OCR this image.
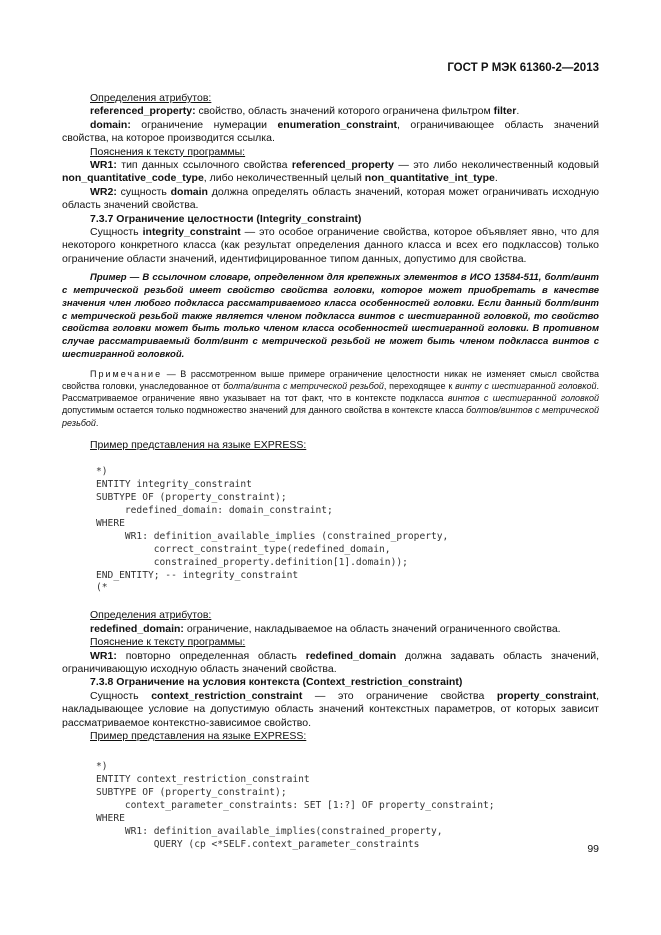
ГОСТ Р МЭК 61360-2—2013

Определения атрибутов:

referenced_property: свойство, область значений которого ограничена фильтром filter.

domain: ограничение нумерации enumeration_constraint, ограничивающее область значений свойства, на которое производится ссылка.

Пояснения к тексту программы:

WR1: тип данных ссылочного свойства referenced_property — это либо неколичественный кодовый non_quantitative_code_type, либо неколичественный целый non_quantitative_int_type.

WR2: сущность domain должна определять область значений, которая может ограничивать исходную область значений свойства.

7.3.7 Ограничение целостности (Integrity_constraint)

Сущность integrity_constraint — это особое ограничение свойства, которое объявляет явно, что для некоторого конкретного класса (как результат определения данного класса и всех его подклассов) только ограничение области значений, идентифицированное типом данных, допустимо для свойства.

Пример — В ссылочном словаре, определенном для крепежных элементов в ИСО 13584-511, болт/винт с метрической резьбой имеет свойство свойства головки, которое может приобретать в качестве значения член любого подкласса рассматриваемого класса особенностей головки. Если данный болт/винт с метрической резьбой также является членом подкласса винтов с шестигранной головкой, то свойство свойства головки может быть только членом класса особенностей шестигранной головки. В противном случае рассматриваемый болт/винт с метрической резьбой не может быть членом подкласса винтов с шестигранной головкой.

Примечание — В рассмотренном выше примере ограничение целостности никак не изменяет смысл свойства свойства головки, унаследованное от болта/винта с метрической резьбой, переходящее к винту с шестигранной головкой. Рассматриваемое ограничение явно указывает на тот факт, что в контексте подкласса винтов с шестигранной головкой допустимым остается только подмножество значений для данного свойства в контексте класса болтов/винтов с метрической резьбой.

Пример представления на языке EXPRESS:

*)
ENTITY integrity_constraint
SUBTYPE OF (property_constraint);
redefined_domain: domain_constraint;
WHERE
WR1: definition_available_implies (constrained_property,
correct_constraint_type(redefined_domain,
constrained_property.definition[1].domain));
END_ENTITY; -- integrity_constraint
(*

Определения атрибутов:

redefined_domain: ограничение, накладываемое на область значений ограниченного свойства.

Пояснение к тексту программы:

WR1: повторно определенная область redefined_domain должна задавать область значений, ограничивающую исходную область значений свойства.

7.3.8 Ограничение на условия контекста (Context_restriction_constraint)

Сущность context_restriction_constraint — это ограничение свойства property_constraint, накладывающее условие на допустимую область значений контекстных параметров, от которых зависит рассматриваемое контекстно-зависимое свойство.

Пример представления на языке EXPRESS:

*)
ENTITY context_restriction_constraint
SUBTYPE OF (property_constraint);
context_parameter_constraints: SET [1:?] OF property_constraint;
WHERE
WR1: definition_available_implies(constrained_property,
QUERY (cp <*SELF.context_parameter_constraints	99
